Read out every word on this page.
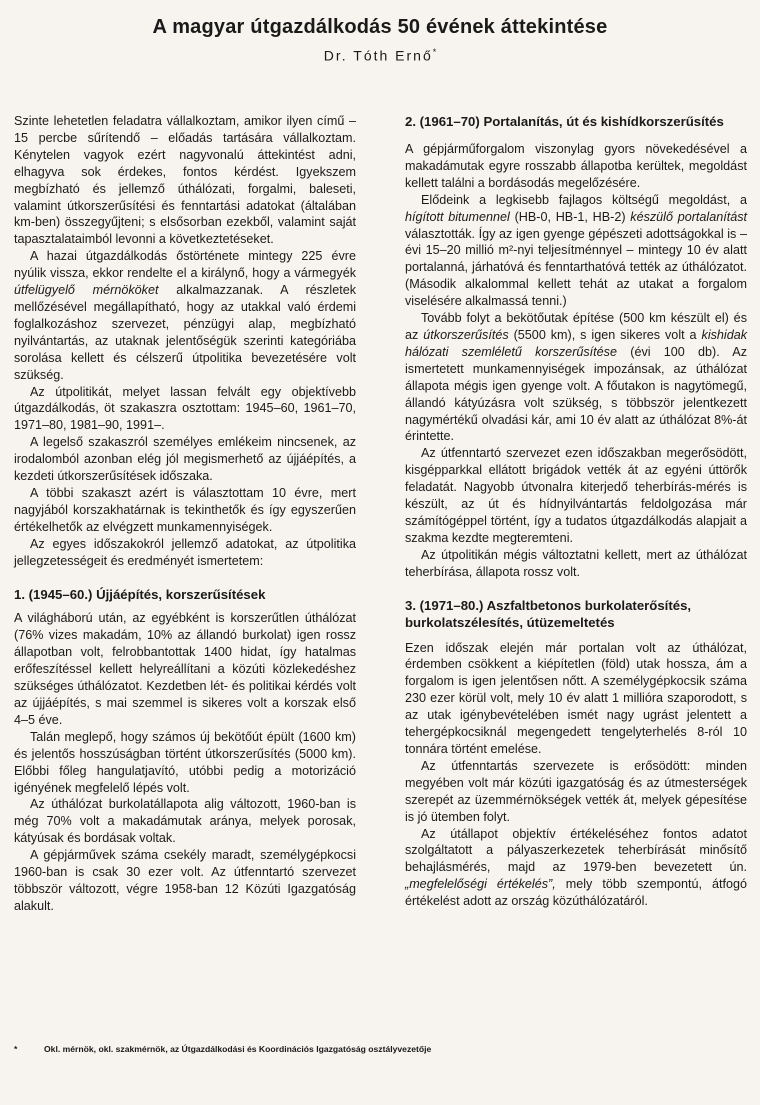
A magyar útgazdálkodás 50 évének áttekintése
Dr. Tóth Ernő*

Szinte lehetetlen feladatra vállalkoztam, amikor ilyen című – 15 percbe sűrítendő – előadás tartására vállalkoztam. Kénytelen vagyok ezért nagyvonalú áttekintést adni, elhagyva sok érdekes, fontos kérdést. Igyekszem megbízható és jellemző úthálózati, forgalmi, baleseti, valamint útkorszerűsítési és fenntartási adatokat (általában km-ben) összegyűjteni; s elsősorban ezekből, valamint saját tapasztalataimból levonni a következtetéseket.

A hazai útgazdálkodás őstörténete mintegy 225 évre nyúlik vissza, ekkor rendelte el a királynő, hogy a vármegyék útfelügyelő mérnököket alkalmazzanak. A részletek mellőzésével megállapítható, hogy az utakkal való érdemi foglalkozáshoz szervezet, pénzügyi alap, megbízható nyilvántartás, az utaknak jelentőségük szerinti kategóriába sorolása kellett és célszerű útpolitika bevezetésére volt szükség.

Az útpolitikát, melyet lassan felvált egy objektívebb útgazdálkodás, öt szakaszra osztottam: 1945–60, 1961–70, 1971–80, 1981–90, 1991–.

A legelső szakaszról személyes emlékeim nincsenek, az irodalomból azonban elég jól megismerhető az újjáépítés, a kezdeti útkorszerűsítések időszaka.

A többi szakaszt azért is választottam 10 évre, mert nagyjából korszakhatárnak is tekinthetők és így egyszerűen értékelhetők az elvégzett munkamennyiségek.

Az egyes időszakokról jellemző adatokat, az útpolitika jellegzetességeit és eredményét ismertetem:

1. (1945–60.) Újjáépítés, korszerűsítések

A világháború után, az egyébként is korszerűtlen úthálózat (76% vizes makadám, 10% az állandó burkolat) igen rossz állapotban volt, felrobbantottak 1400 hidat, így hatalmas erőfeszítéssel kellett helyreállítani a közúti közlekedéshez szükséges úthálózatot. Kezdetben lét- és politikai kérdés volt az újjáépítés, s mai szemmel is sikeres volt a korszak első 4–5 éve.

Talán meglepő, hogy számos új bekötőút épült (1600 km) és jelentős hosszúságban történt útkorszerűsítés (5000 km). Előbbi főleg hangulatjavító, utóbbi pedig a motorizáció igényének megfelelő lépés volt.

Az úthálózat burkolatállapota alig változott, 1960-ban is még 70% volt a makadámutak aránya, melyek porosak, kátyúsak és bordásak voltak.

A gépjárművek száma csekély maradt, személygépkocsi 1960-ban is csak 30 ezer volt. Az útfenntartó szervezet többször változott, végre 1958-ban 12 Közúti Igazgatóság alakult.

2. (1961–70) Portalanítás, út és kishídkorszerűsítés

A gépjárműforgalom viszonylag gyors növekedésével a makadámutak egyre rosszabb állapotba kerültek, megoldást kellett találni a bordásodás megelőzésére.

Elődeink a legkisebb fajlagos költségű megoldást, a hígított bitumennel (HB-0, HB-1, HB-2) készülő portalanítást választották. Így az igen gyenge gépészeti adottságokkal is – évi 15–20 millió m²-nyi teljesítménnyel – mintegy 10 év alatt portalanná, járhatóvá és fenntarthatóvá tették az úthálózatot. (Második alkalommal kellett tehát az utakat a forgalom viselésére alkalmassá tenni.)

Tovább folyt a bekötőutak építése (500 km készült el) és az útkorszerűsítés (5500 km), s igen sikeres volt a kishidak hálózati szemléletű korszerűsítése (évi 100 db). Az ismertetett munkamennyiségek impozánsak, az úthálózat állapota mégis igen gyenge volt. A főutakon is nagytömegű, állandó kátyúzásra volt szükség, s többször jelentkezett nagymértékű olvadási kár, ami 10 év alatt az úthálózat 8%-át érintette.

Az útfenntartó szervezet ezen időszakban megerősödött, kisgépparkkal ellátott brigádok vették át az egyéni úttörők feladatát. Nagyobb útvonalra kiterjedő teherbírás-mérés is készült, az út és hídnyilvántartás feldolgozása már számítógéppel történt, így a tudatos útgazdálkodás alapjait a szakma kezdte megteremteni.

Az útpolitikán mégis változtatni kellett, mert az úthálózat teherbírása, állapota rossz volt.

3. (1971–80.) Aszfaltbetonos burkolaterősítés, burkolatszélesítés, útüzemeltetés

Ezen időszak elején már portalan volt az úthálózat, érdemben csökkent a kiépítetlen (föld) utak hossza, ám a forgalom is igen jelentősen nőtt. A személygépkocsik száma 230 ezer körül volt, mely 10 év alatt 1 millióra szaporodott, s az utak igénybevételében ismét nagy ugrást jelentett a tehergépkocsiknál megengedett tengelyterhelés 8-ról 10 tonnára történt emelése.

Az útfenntartás szervezete is erősödött: minden megyében volt már közúti igazgatóság és az útmesterségek szerepét az üzemmérnökségek vették át, melyek gépesítése is jó ütemben folyt.

Az útállapot objektív értékeléséhez fontos adatot szolgáltatott a pályaszerkezetek teherbírását minősítő behajlásmérés, majd az 1979-ben bevezetett ún. „megfelelőségi értékelés”, mely több szempontú, átfogó értékelést adott az ország közúthálózatáról.

*	Okl. mérnök, okl. szakmérnök, az Útgazdálkodási és Koordinációs Igazgatóság osztályvezetője
